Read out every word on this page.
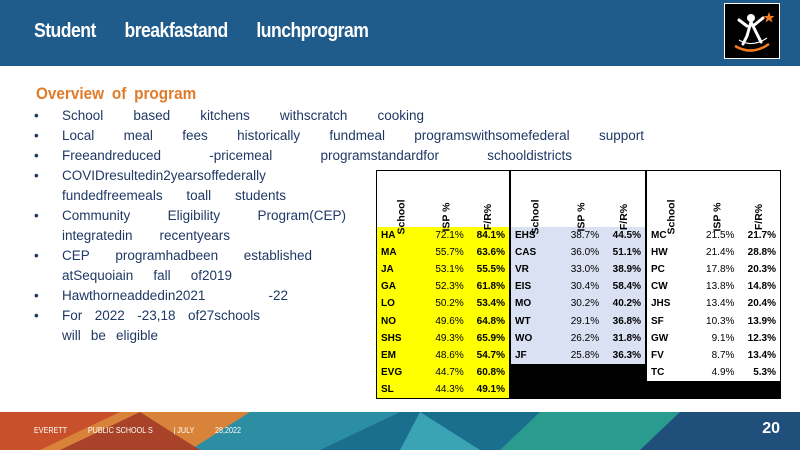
Student breakfastand lunchprogram
Overview of program
• School based kitchens withscratch cooking
• Local meal fees historically fundmeal programswithsomefederal support
• Freeandreduced	-pricemeal	programstandardfor	schooldistricts
• COVIDresultedin2yearsoffederally
fundedfreemeals toall students
• Community	Eligibility	Program(CEP)
integratedin recentyears
• CEP programhadbeen established
atSequoiain fall of2019
• Hawthorneaddedin2021	-22
• For 2022 -23,18 of27schools
will be eligible
School	ISP %	F/R%
HA	72.1%	84.1%
MA	55.7%	63.6%
JA	53.1%	55.5%
GA	52.3%	61.8%
LO	50.2%	53.4%
NO	49.6%	64.8%
SHS	49.3%	65.9%
EM	48.6%	54.7%
EVG	44.7%	60.8%
SL	44.3%	49.1%
School	ISP %	F/R%
EHS	38.7%	44.5%
CAS	36.0%	51.1%
VR	33.0%	38.9%
EIS	30.4%	58.4%
MO	30.2%	40.2%
WT	29.1%	36.8%
WO	26.2%	31.8%
JF	25.8%	36.3%

School	ISP %	F/R%
MC	21.5%	21.7%
HW	21.4%	28.8%
PC	17.8%	20.3%
CW	13.8%	14.8%
JHS	13.4%	20.4%
SF	10.3%	13.9%
GW	9.1%	12.3%
FV	8.7%	13.4%
TC	4.9%	5.3%

EVERETT	PUBLIC SCHOOL S	| JULY	28,2022	20
